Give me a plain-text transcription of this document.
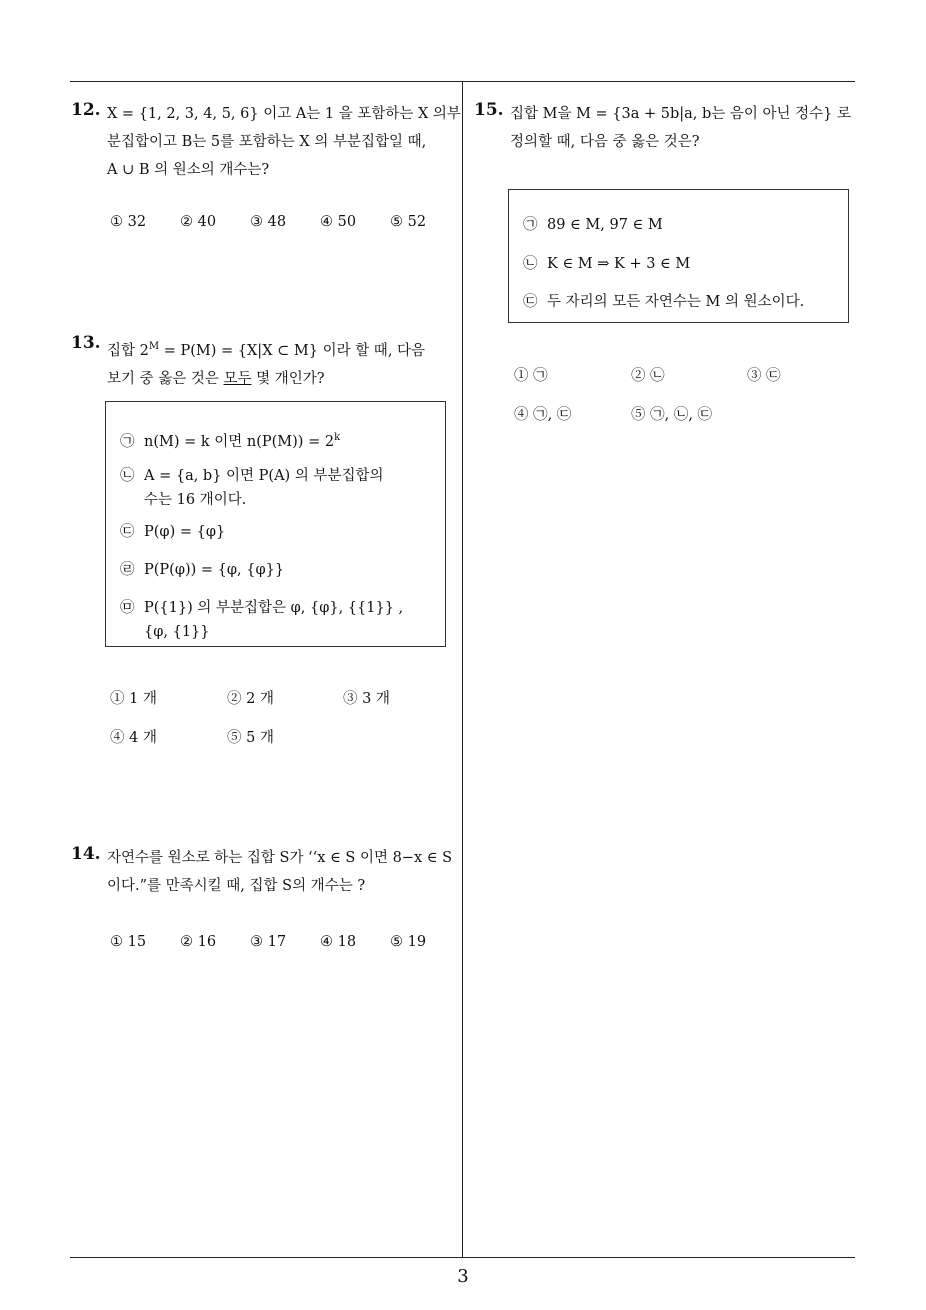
12. X = {1, 2, 3, 4, 5, 6} 이고 A는 1 을 포함하는 X 의부
분집합이고 B는 5를 포함하는 X 의 부분집합일 때,
A ∪ B 의 원소의 개수는?
① 32 ② 40 ③ 48 ④ 50 ⑤ 52
13. 집합 $2^M = P(M) = \{X|X$ ⊂ M} 이라 할 때, 다음
보기 중 옳은 것은 모두 몇 개인가?
㉠ n(M) = k 이면 $n(P(M)) = 2^k$
㉡ A = {a, b} 이면 P(A) 의 부분집합의
수는 16 개이다.
㉢ P(φ) = {φ}
㉣ P(P(φ)) = {φ, {φ}}
㉤ P({1}) 의 부분집합은 φ, {φ}, {{1}} ,
{φ, {1}}
① 1 개	② 2 개	③ 3 개
④ 4 개	⑤ 5 개
14. 자연수를 원소로 하는 집합 S가 ‘‘x ∈ S 이면 8−x ∈ S
이다.”를 만족시킬 때, 집합 S의 개수는 ?
① 15 ② 16 ③ 17 ④ 18 ⑤ 19
15. 집합 M을 M = {3a + 5b|a, b는 음이 아닌 정수} 로
정의할 때, 다음 중 옳은 것은?
㉠ 89 ∈ M, 97 ∈ M
㉡ K ∈ M ⇒ K + 3 ∈ M
㉢ 두 자리의 모든 자연수는 M 의 원소이다.
① ㉠	② ㉡	③ ㉢
④ ㉠, ㉢	⑤ ㉠, ㉡, ㉢
3
